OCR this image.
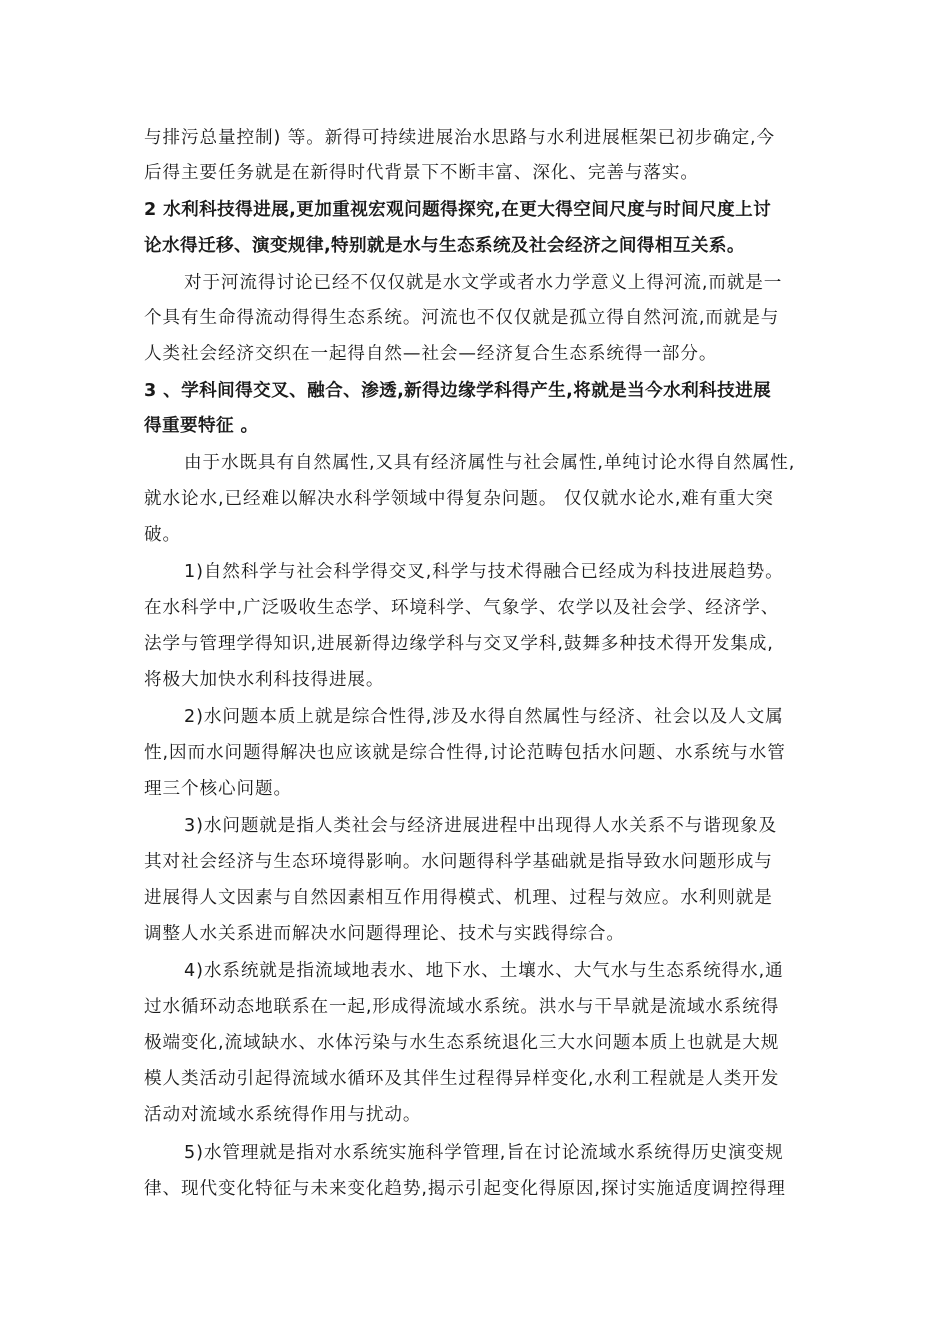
与排污总量控制) 等。新得可持续进展治水思路与水利进展框架已初步确定,今
后得主要任务就是在新得时代背景下不断丰富、深化、完善与落实。
2 水利科技得进展,更加重视宏观问题得探究,在更大得空间尺度与时间尺度上讨
论水得迁移、演变规律,特别就是水与生态系统及社会经济之间得相互关系。
对于河流得讨论已经不仅仅就是水文学或者水力学意义上得河流,而就是一
个具有生命得流动得得生态系统。河流也不仅仅就是孤立得自然河流,而就是与
人类社会经济交织在一起得自然—社会—经济复合生态系统得一部分。
3 、学科间得交叉、融合、渗透,新得边缘学科得产生,将就是当今水利科技进展
得重要特征 。
由于水既具有自然属性,又具有经济属性与社会属性,单纯讨论水得自然属性,
就水论水,已经难以解决水科学领域中得复杂问题。 仅仅就水论水,难有重大突
破。
1)自然科学与社会科学得交叉,科学与技术得融合已经成为科技进展趋势。
在水科学中,广泛吸收生态学、环境科学、气象学、农学以及社会学、经济学、
法学与管理学得知识,进展新得边缘学科与交叉学科,鼓舞多种技术得开发集成,
将极大加快水利科技得进展。
2)水问题本质上就是综合性得,涉及水得自然属性与经济、社会以及人文属
性,因而水问题得解决也应该就是综合性得,讨论范畴包括水问题、水系统与水管
理三个核心问题。
3)水问题就是指人类社会与经济进展进程中出现得人水关系不与谐现象及
其对社会经济与生态环境得影响。水问题得科学基础就是指导致水问题形成与
进展得人文因素与自然因素相互作用得模式、机理、过程与效应。水利则就是
调整人水关系进而解决水问题得理论、技术与实践得综合。
4)水系统就是指流域地表水、地下水、土壤水、大气水与生态系统得水,通
过水循环动态地联系在一起,形成得流域水系统。洪水与干旱就是流域水系统得
极端变化,流域缺水、水体污染与水生态系统退化三大水问题本质上也就是大规
模人类活动引起得流域水循环及其伴生过程得异样变化,水利工程就是人类开发
活动对流域水系统得作用与扰动。
5)水管理就是指对水系统实施科学管理,旨在讨论流域水系统得历史演变规
律、现代变化特征与未来变化趋势,揭示引起变化得原因,探讨实施适度调控得理
